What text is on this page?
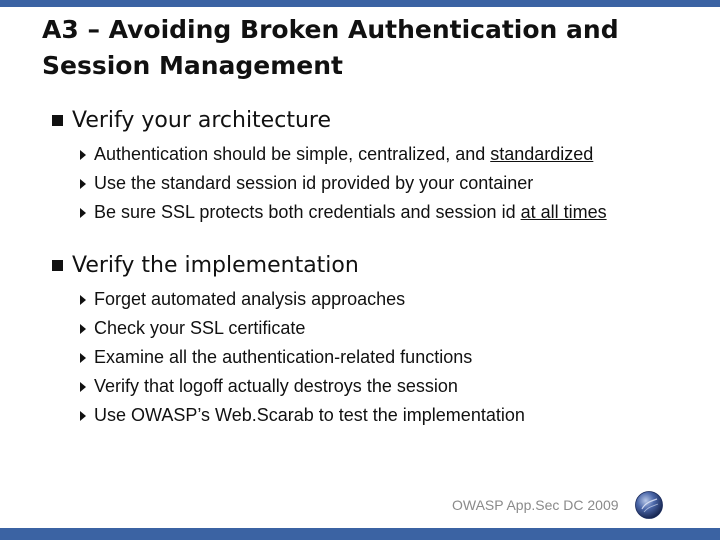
A3 – Avoiding Broken Authentication and Session Management
Verify your architecture
Authentication should be simple, centralized, and standardized
Use the standard session id provided by your container
Be sure SSL protects both credentials and session id at all times
Verify the implementation
Forget automated analysis approaches
Check your SSL certificate
Examine all the authentication-related functions
Verify that logoff actually destroys the session
Use OWASP’s Web.Scarab to test the implementation
OWASP App.Sec DC 2009
